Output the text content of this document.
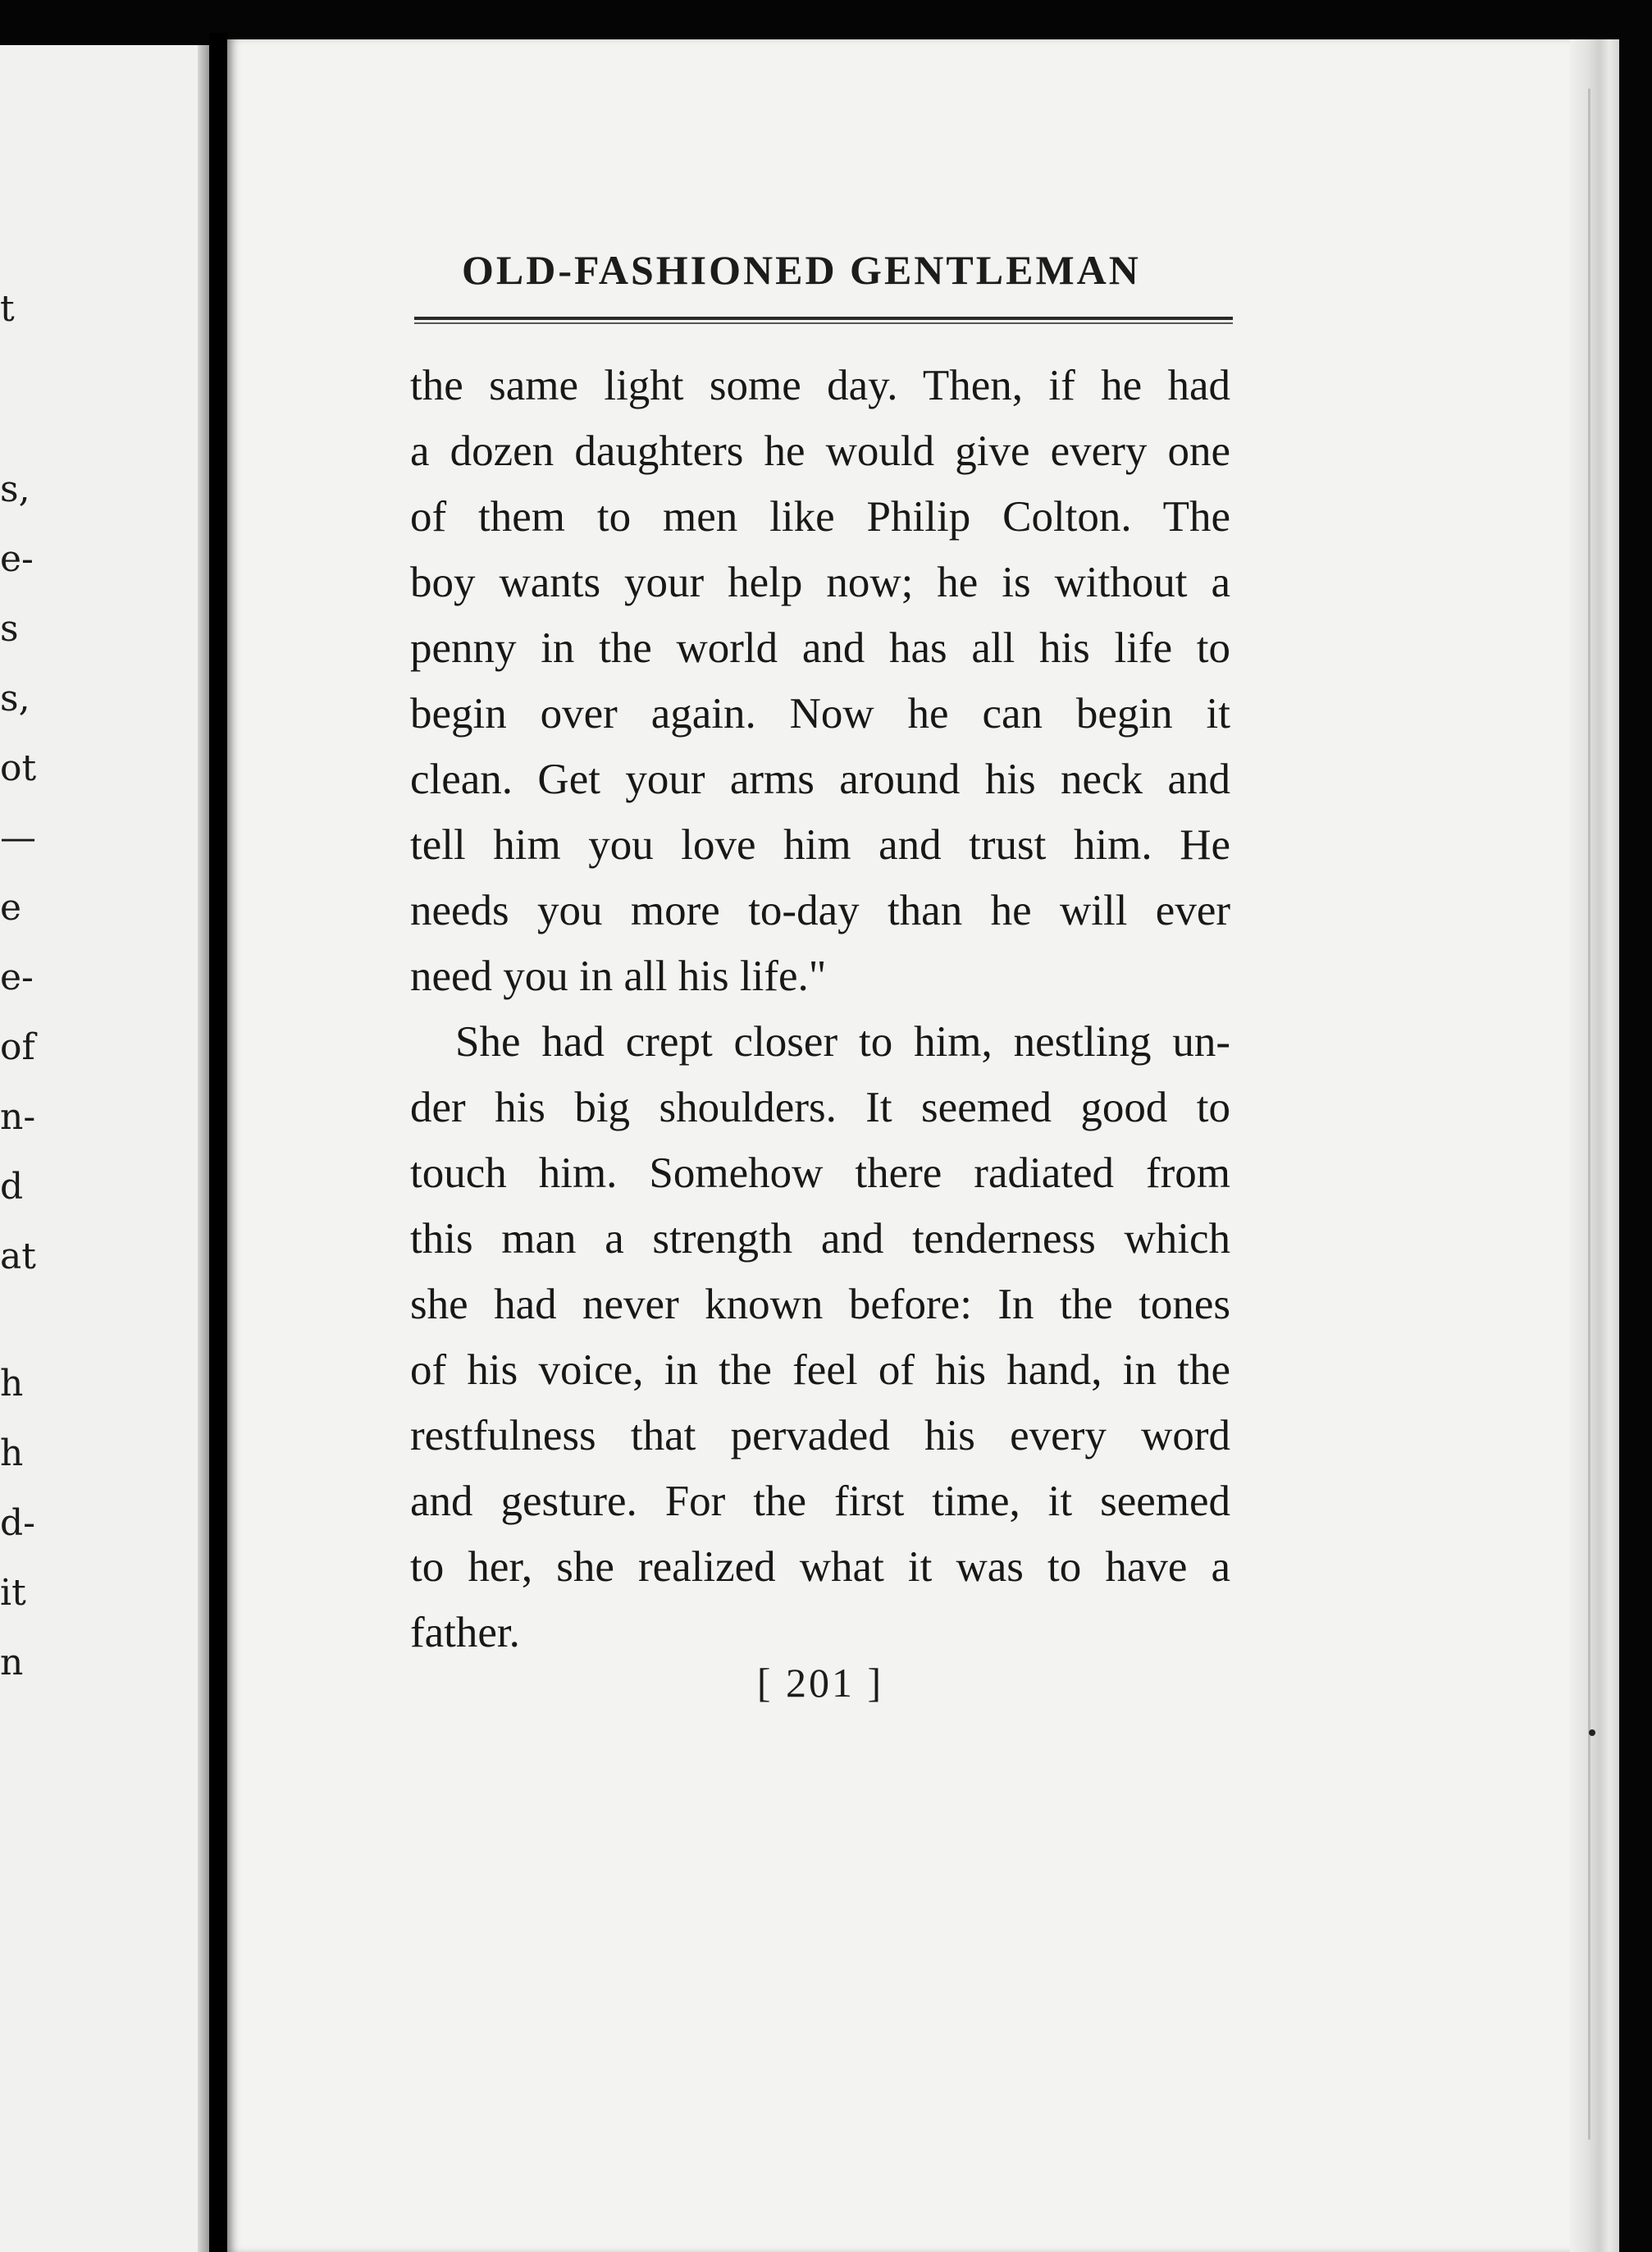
t
s,
e-
s
s,
ot
—
e
e-
of
n-
d
at
h
h
d-
it
n
OLD-FASHIONED GENTLEMAN
the same light some day. Then, if he had
a dozen daughters he would give every one
of them to men like Philip Colton. The
boy wants your help now; he is without a
penny in the world and has all his life to
begin over again. Now he can begin it
clean. Get your arms around his neck and
tell him you love him and trust him. He
needs you more to-day than he will ever
need you in all his life."
She had crept closer to him, nestling un-
der his big shoulders. It seemed good to
touch him. Somehow there radiated from
this man a strength and tenderness which
she had never known before: In the tones
of his voice, in the feel of his hand, in the
restfulness that pervaded his every word
and gesture. For the first time, it seemed
to her, she realized what it was to have a
father.
[ 201 ]
